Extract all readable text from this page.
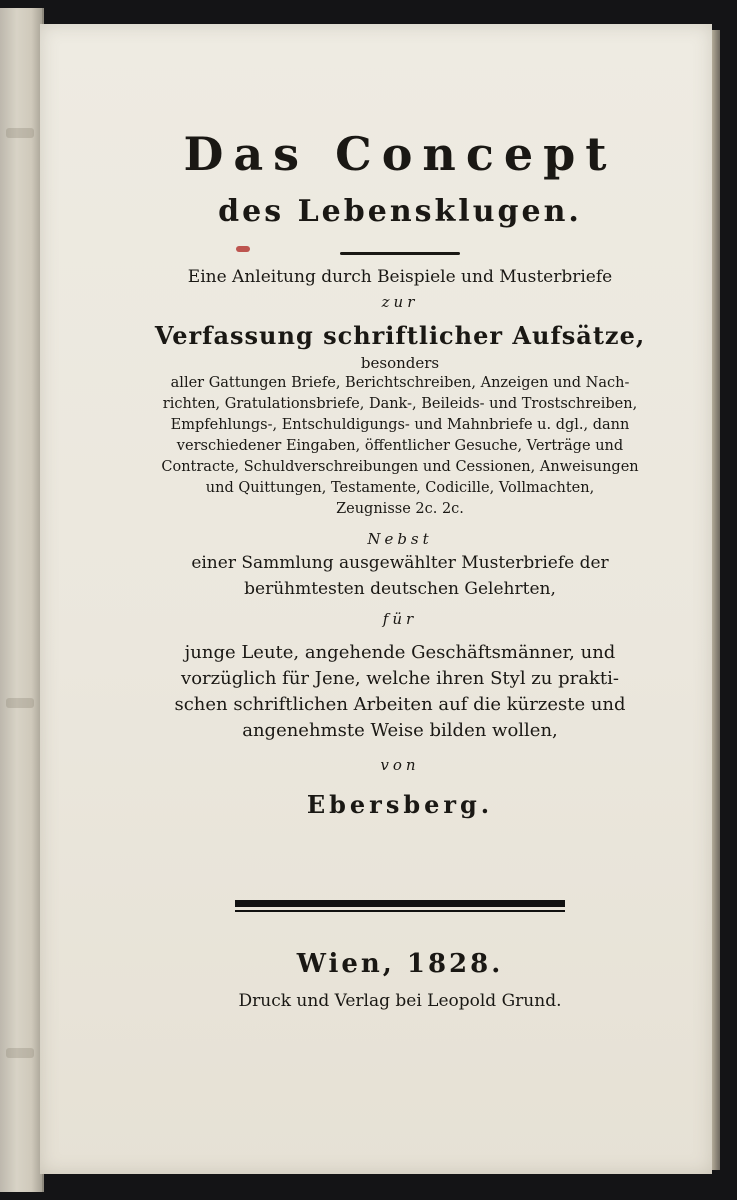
Das Concept
des Lebensklugen.
Eine Anleitung durch Beispiele und Musterbriefe
zur
Verfassung schriftlicher Aufsätze,
besonders
aller Gattungen Briefe, Berichtschreiben, Anzeigen und Nach-
richten, Gratulationsbriefe, Dank-, Beileids- und Trostschreiben,
Empfehlungs-, Entschuldigungs- und Mahnbriefe u. dgl., dann
verschiedener Eingaben, öffentlicher Gesuche, Verträge und
Contracte, Schuldverschreibungen und Cessionen, Anweisungen
und Quittungen, Testamente, Codicille, Vollmachten,
Zeugnisse 2c. 2c.
Nebst
einer Sammlung ausgewählter Musterbriefe der
berühmtesten deutschen Gelehrten,
für
junge Leute, angehende Geschäftsmänner, und
vorzüglich für Jene, welche ihren Styl zu prakti-
schen schriftlichen Arbeiten auf die kürzeste und
angenehmste Weise bilden wollen,
von
Ebersberg.
Wien, 1828.
Druck und Verlag bei Leopold Grund.
